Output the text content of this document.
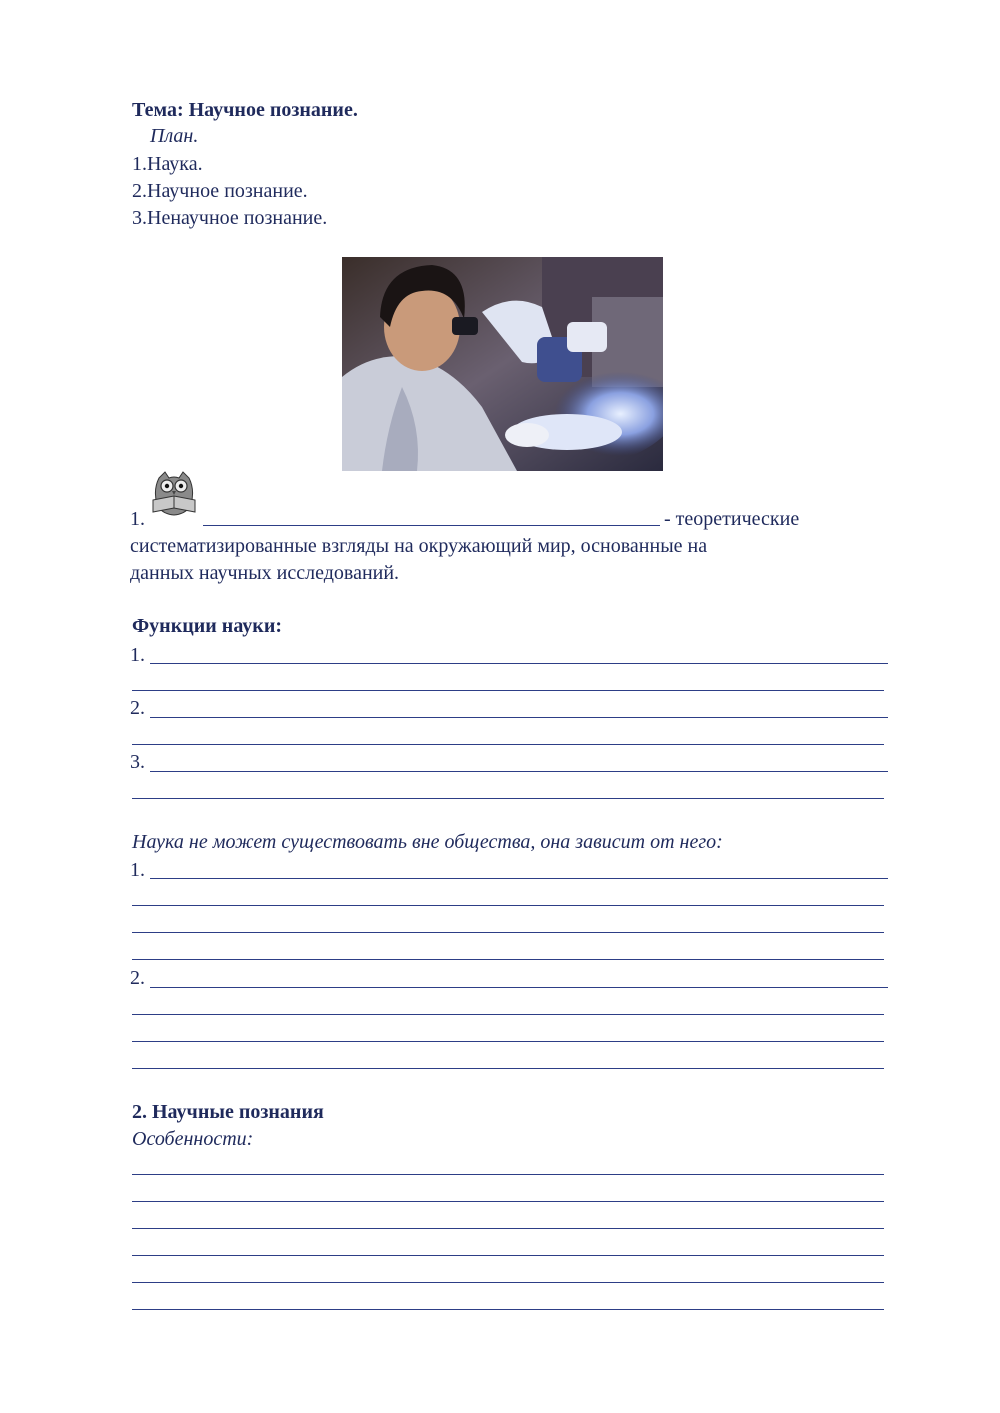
Тема: Научное познание.
План.
1.Наука.
2.Научное познание.
3.Ненаучное познание.
1.	- теоретические
систематизированные взгляды на окружающий мир, основанные на
данных научных исследований.
Функции науки:
1.
2.
3.
Наука не может существовать вне общества, она зависит от него:
1.
2.
2. Научные познания
Особенности:
